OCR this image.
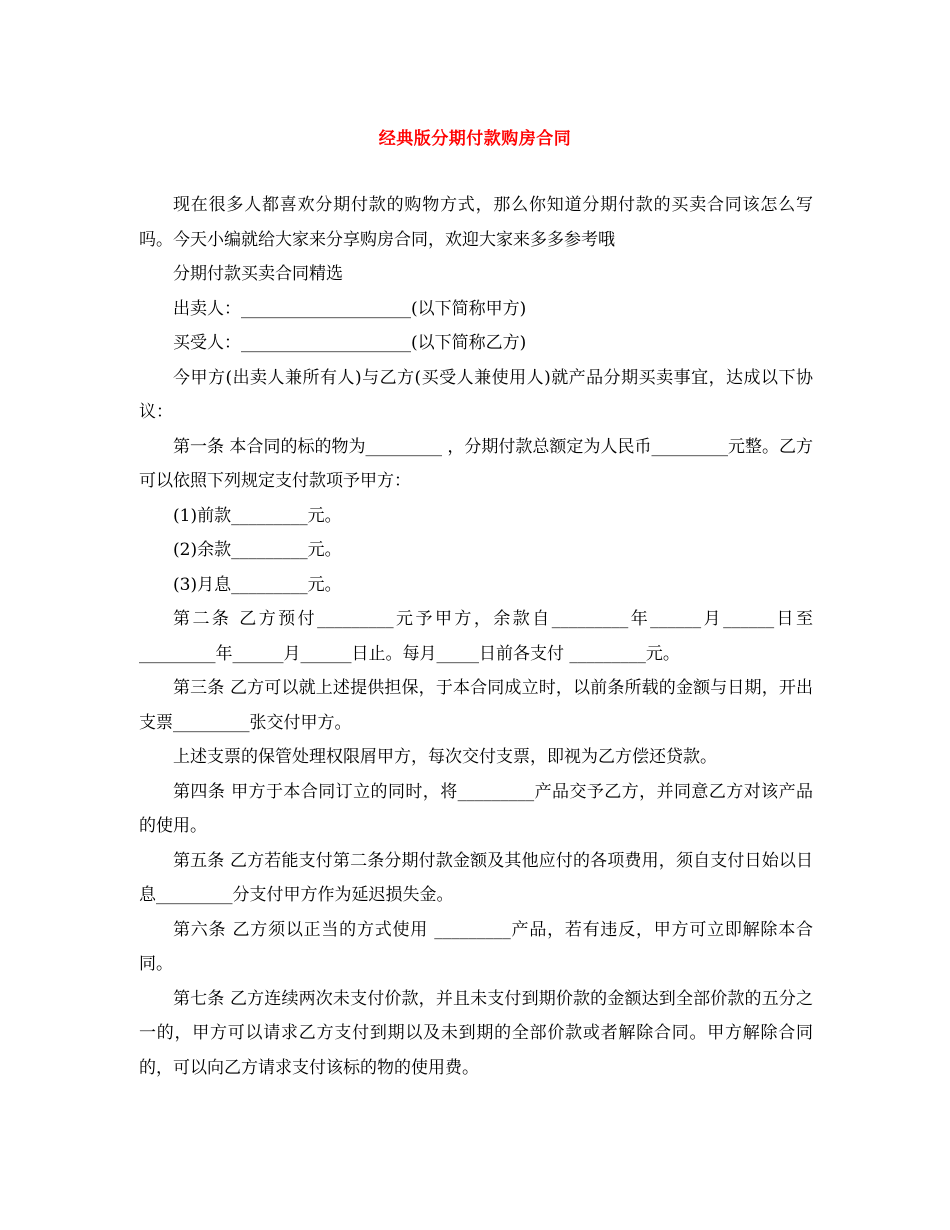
经典版分期付款购房合同

现在很多人都喜欢分期付款的购物方式，那么你知道分期付款的买卖合同该怎么写吗。今天小编就给大家来分享购房合同，欢迎大家来多多参考哦

分期付款买卖合同精选

出卖人：____________________(以下简称甲方)

买受人：____________________(以下简称乙方)

今甲方(出卖人兼所有人)与乙方(买受人兼使用人)就产品分期买卖事宜，达成以下协议：

第一条 本合同的标的物为_________ ，分期付款总额定为人民币_________元整。乙方可以依照下列规定支付款项予甲方：

(1)前款_________元。

(2)余款_________元。

(3)月息_________元。

第二条 乙方预付_________元予甲方，余款自_________年______月______日至_________年______月______日止。每月_____日前各支付 _________元。

第三条 乙方可以就上述提供担保，于本合同成立时，以前条所载的金额与日期，开出支票_________张交付甲方。

上述支票的保管处理权限屑甲方，每次交付支票，即视为乙方偿还贷款。

第四条 甲方于本合同订立的同时，将_________产品交予乙方，并同意乙方对该产品的使用。

第五条 乙方若能支付第二条分期付款金额及其他应付的各项费用，须自支付日始以日息_________分支付甲方作为延迟损失金。

第六条 乙方须以正当的方式使用 _________产品，若有违反，甲方可立即解除本合同。

第七条 乙方连续两次未支付价款，并且未支付到期价款的金额达到全部价款的五分之一的，甲方可以请求乙方支付到期以及未到期的全部价款或者解除合同。甲方解除合同的，可以向乙方请求支付该标的物的使用费。
